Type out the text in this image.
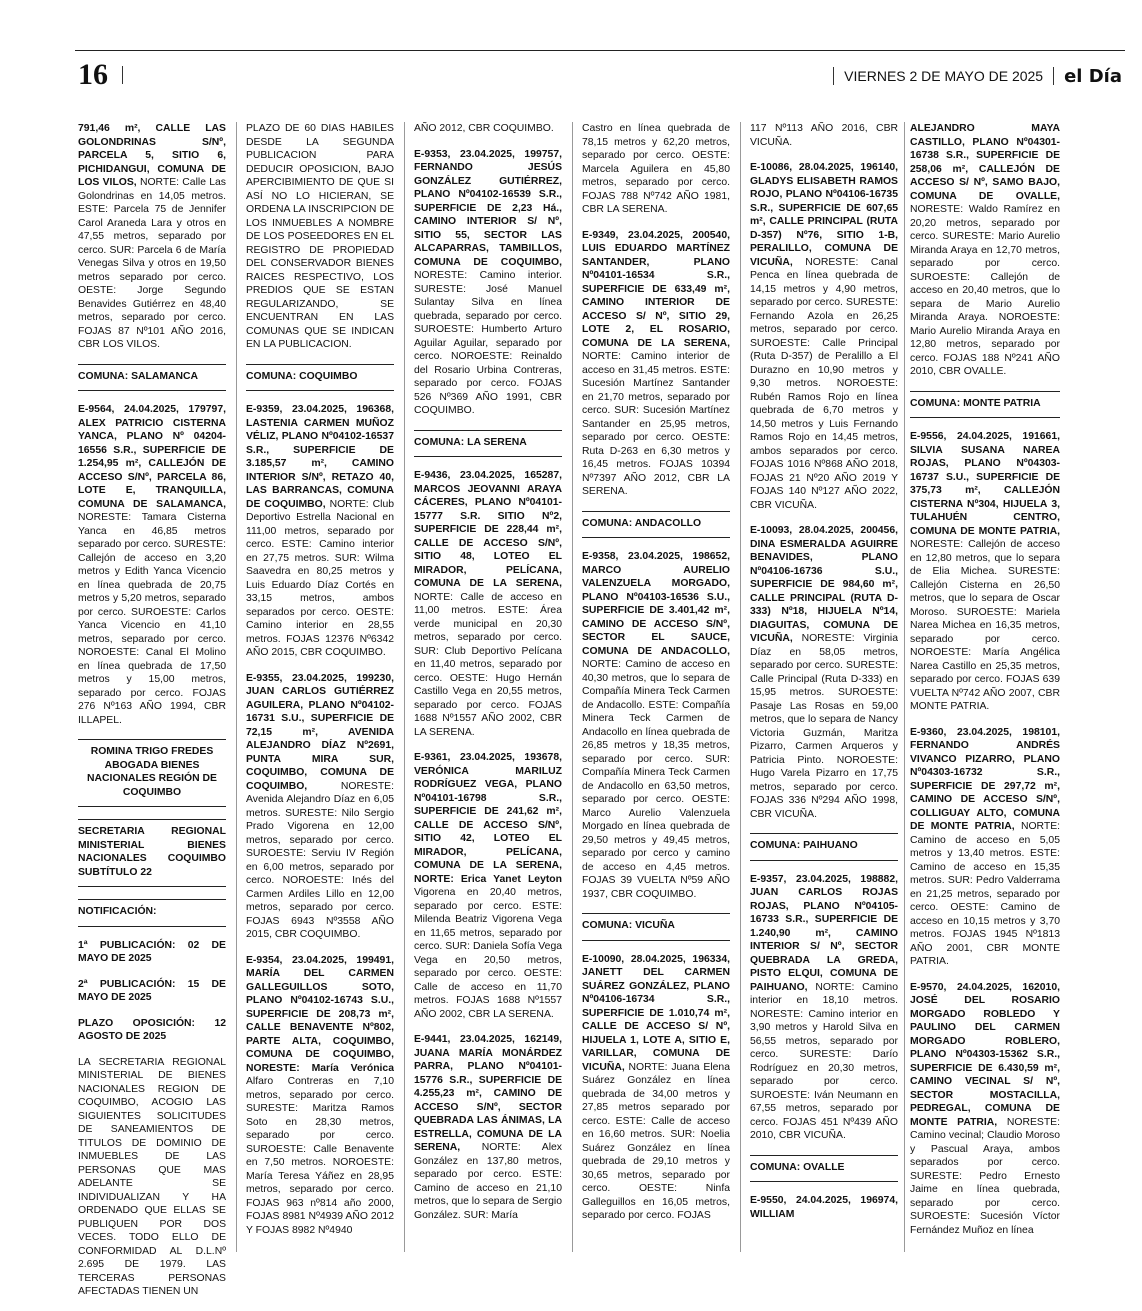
16	VIERNES 2 DE MAYO DE 2025 el Día

791,46 m², CALLE LAS GOLONDRINAS S/Nº, PARCELA 5, SITIO 6, PICHIDANGUI, COMUNA DE LOS VILOS, NORTE: Calle Las Golondrinas en 14,05 metros. ESTE: Parcela 75 de Jennifer Carol Araneda Lara y otros en 47,55 metros, separado por cerco. SUR: Parcela 6 de María Venegas Silva y otros en 19,50 metros separado por cerco. OESTE: Jorge Segundo Benavides Gutiérrez en 48,40 metros, separado por cerco. FOJAS 87 Nº101 AÑO 2016, CBR LOS VILOS.

COMUNA: SALAMANCA

E-9564, 24.04.2025, 179797, ALEX PATRICIO CISTERNA YANCA, PLANO Nº 04204-16556 S.R., SUPERFICIE DE 1.254,95 m², CALLEJÓN DE ACCESO S/Nº, PARCELA 86, LOTE E, TRANQUILLA, COMUNA DE SALAMANCA, NORESTE: Tamara Cisterna Yanca en 46,85 metros separado por cerco. SURESTE: Callejón de acceso en 3,20 metros y Edith Yanca Vicencio en línea quebrada de 20,75 metros y 5,20 metros, separado por cerco. SUROESTE: Carlos Yanca Vicencio en 41,10 metros, separado por cerco. NOROESTE: Canal El Molino en línea quebrada de 17,50 metros y 15,00 metros, separado por cerco. FOJAS 276 Nº163 AÑO 1994, CBR ILLAPEL.

ROMINA TRIGO FREDES ABOGADA BIENES NACIONALES REGIÓN DE COQUIMBO
SECRETARIA REGIONAL MINISTERIAL BIENES NACIONALES COQUIMBO SUBTÍTULO 22
NOTIFICACIÓN:

1ª PUBLICACIÓN: 02 DE MAYO DE 2025

2ª PUBLICACIÓN: 15 DE MAYO DE 2025

PLAZO OPOSICIÓN: 12 AGOSTO DE 2025

LA SECRETARIA REGIONAL MINISTERIAL DE BIENES NACIONALES REGION DE COQUIMBO, ACOGIO LAS SIGUIENTES SOLICITUDES DE SANEAMIENTOS DE TITULOS DE DOMINIO DE INMUEBLES DE LAS PERSONAS QUE MAS ADELANTE SE INDIVIDUALIZAN Y HA ORDENADO QUE ELLAS SE PUBLIQUEN POR DOS VECES. TODO ELLO DE CONFORMIDAD AL D.L.Nº 2.695 DE 1979. LAS TERCERAS PERSONAS AFECTADAS TIENEN UN

PLAZO DE 60 DIAS HABILES DESDE LA SEGUNDA PUBLICACION PARA DEDUCIR OPOSICION, BAJO APERCIBIMIENTO DE QUE SI ASÍ NO LO HICIERAN, SE ORDENA LA INSCRIPCION DE LOS INMUEBLES A NOMBRE DE LOS POSEEDORES EN EL REGISTRO DE PROPIEDAD DEL CONSERVADOR BIENES RAICES RESPECTIVO, LOS PREDIOS QUE SE ESTAN REGULARIZANDO, SE ENCUENTRAN EN LAS COMUNAS QUE SE INDICAN EN LA PUBLICACION.

COMUNA: COQUIMBO

E-9359, 23.04.2025, 196368, LASTENIA CARMEN MUÑOZ VÉLIZ, PLANO Nº04102-16537 S.R., SUPERFICIE DE 3.185,57 m², CAMINO INTERIOR S/Nº, RETAZO 40, LAS BARRANCAS, COMUNA DE COQUIMBO, NORTE: Club Deportivo Estrella Nacional en 111,00 metros, separado por cerco. ESTE: Camino interior en 27,75 metros. SUR: Wilma Saavedra en 80,25 metros y Luis Eduardo Díaz Cortés en 33,15 metros, ambos separados por cerco. OESTE: Camino interior en 28,55 metros. FOJAS 12376 Nº6342 AÑO 2015, CBR COQUIMBO.

E-9355, 23.04.2025, 199230, JUAN CARLOS GUTIÉRREZ AGUILERA, PLANO Nº04102-16731 S.U., SUPERFICIE DE 72,15 m², AVENIDA ALEJANDRO DÍAZ Nº2691, PUNTA MIRA SUR, COQUIMBO, COMUNA DE COQUIMBO, NORESTE: Avenida Alejandro Díaz en 6,05 metros. SURESTE: Nilo Sergio Prado Vigorena en 12,00 metros, separado por cerco. SUROESTE: Serviu IV Región en 6,00 metros, separado por cerco. NOROESTE: Inés del Carmen Ardiles Lillo en 12,00 metros, separado por cerco. FOJAS 6943 Nº3558 AÑO 2015, CBR COQUIMBO.

E-9354, 23.04.2025, 199491, MARÍA DEL CARMEN GALLEGUILLOS SOTO, PLANO Nº04102-16743 S.U., SUPERFICIE DE 208,73 m², CALLE BENAVENTE Nº802, PARTE ALTA, COQUIMBO, COMUNA DE COQUIMBO, NORESTE: María Verónica Alfaro Contreras en 7,10 metros, separado por cerco. SURESTE: Maritza Ramos Soto en 28,30 metros, separado por cerco. SUROESTE: Calle Benavente en 7,50 metros. NOROESTE: María Teresa Yáñez en 28,95 metros, separado por cerco. FOJAS 963 nº814 año 2000, FOJAS 8981 Nº4939 AÑO 2012 Y FOJAS 8982 Nº4940

AÑO 2012, CBR COQUIMBO.

E-9353, 23.04.2025, 199757, FERNANDO JESÚS GONZÁLEZ GUTIÉRREZ, PLANO Nº04102-16539 S.R., SUPERFICIE DE 2,23 Há., CAMINO INTERIOR S/ Nº, SITIO 55, SECTOR LAS ALCAPARRAS, TAMBILLOS, COMUNA DE COQUIMBO, NORESTE: Camino interior. SURESTE: José Manuel Sulantay Silva en línea quebrada, separado por cerco. SUROESTE: Humberto Arturo Aguilar Aguilar, separado por cerco. NOROESTE: Reinaldo del Rosario Urbina Contreras, separado por cerco. FOJAS 526 Nº369 AÑO 1991, CBR COQUIMBO.

COMUNA: LA SERENA

E-9436, 23.04.2025, 165287, MARCOS JEOVANNI ARAYA CÁCERES, PLANO Nº04101-15777 S.R. SITIO Nº2, SUPERFICIE DE 228,44 m², CALLE DE ACCESO S/Nº, SITIO 48, LOTEO EL MIRADOR, PELÍCANA, COMUNA DE LA SERENA, NORTE: Calle de acceso en 11,00 metros. ESTE: Área verde municipal en 20,30 metros, separado por cerco. SUR: Club Deportivo Pelícana en 11,40 metros, separado por cerco. OESTE: Hugo Hernán Castillo Vega en 20,55 metros, separado por cerco. FOJAS 1688 Nº1557 AÑO 2002, CBR LA SERENA.

E-9361, 23.04.2025, 193678, VERÓNICA MARILUZ RODRÍGUEZ VEGA, PLANO Nº04101-16798 S.R., SUPERFICIE DE 241,62 m², CALLE DE ACCESO S/Nº, SITIO 42, LOTEO EL MIRADOR, PELÍCANA, COMUNA DE LA SERENA, NORTE: Erica Yanet Leyton Vigorena en 20,40 metros, separado por cerco. ESTE: Milenda Beatriz Vigorena Vega en 11,65 metros, separado por cerco. SUR: Daniela Sofía Vega Vega en 20,50 metros, separado por cerco. OESTE: Calle de acceso en 11,70 metros. FOJAS 1688 Nº1557 AÑO 2002, CBR LA SERENA.

E-9441, 23.04.2025, 162149, JUANA MARÍA MONÁRDEZ PARRA, PLANO Nº04101-15776 S.R., SUPERFICIE DE 4.255,23 m², CAMINO DE ACCESO S/Nº, SECTOR QUEBRADA LAS ÁNIMAS, LA ESTRELLA, COMUNA DE LA SERENA, NORTE: Alex González en 137,80 metros, separado por cerco. ESTE: Camino de acceso en 21,10 metros, que lo separa de Sergio González. SUR: María

Castro en línea quebrada de 78,15 metros y 62,20 metros, separado por cerco. OESTE: Marcela Aguilera en 45,80 metros, separado por cerco. FOJAS 788 Nº742 AÑO 1981, CBR LA SERENA.

E-9349, 23.04.2025, 200540, LUIS EDUARDO MARTÍNEZ SANTANDER, PLANO Nº04101-16534 S.R., SUPERFICIE DE 633,49 m², CAMINO INTERIOR DE ACCESO S/ Nº, SITIO 29, LOTE 2, EL ROSARIO, COMUNA DE LA SERENA, NORTE: Camino interior de acceso en 31,45 metros. ESTE: Sucesión Martínez Santander en 21,70 metros, separado por cerco. SUR: Sucesión Martínez Santander en 25,95 metros, separado por cerco. OESTE: Ruta D-263 en 6,30 metros y 16,45 metros. FOJAS 10394 Nº7397 AÑO 2012, CBR LA SERENA.

COMUNA: ANDACOLLO

E-9358, 23.04.2025, 198652, MARCO AURELIO VALENZUELA MORGADO, PLANO Nº04103-16536 S.U., SUPERFICIE DE 3.401,42 m², CAMINO DE ACCESO S/Nº, SECTOR EL SAUCE, COMUNA DE ANDACOLLO, NORTE: Camino de acceso en 40,30 metros, que lo separa de Compañía Minera Teck Carmen de Andacollo. ESTE: Compañía Minera Teck Carmen de Andacollo en línea quebrada de 26,85 metros y 18,35 metros, separado por cerco. SUR: Compañía Minera Teck Carmen de Andacollo en 63,50 metros, separado por cerco. OESTE: Marco Aurelio Valenzuela Morgado en línea quebrada de 29,50 metros y 49,45 metros, separado por cerco y camino de acceso en 4,45 metros. FOJAS 39 VUELTA Nº59 AÑO 1937, CBR COQUIMBO.

COMUNA: VICUÑA

E-10090, 28.04.2025, 196334, JANETT DEL CARMEN SUÁREZ GONZÁLEZ, PLANO Nº04106-16734 S.R., SUPERFICIE DE 1.010,74 m², CALLE DE ACCESO S/ Nº, HIJUELA 1, LOTE A, SITIO E, VARILLAR, COMUNA DE VICUÑA, NORTE: Juana Elena Suárez González en línea quebrada de 34,00 metros y 27,85 metros separado por cerco. ESTE: Calle de acceso en 16,60 metros. SUR: Noelia Suárez González en línea quebrada de 29,10 metros y 30,65 metros, separado por cerco. OESTE: Ninfa Galleguillos en 16,05 metros, separado por cerco. FOJAS

117 Nº113 AÑO 2016, CBR VICUÑA.

E-10086, 28.04.2025, 196140, GLADYS ELISABETH RAMOS ROJO, PLANO Nº04106-16735 S.R., SUPERFICIE DE 607,65 m², CALLE PRINCIPAL (RUTA D-357) Nº76, SITIO 1-B, PERALILLO, COMUNA DE VICUÑA, NORESTE: Canal Penca en línea quebrada de 14,15 metros y 4,90 metros, separado por cerco. SURESTE: Fernando Azola en 26,25 metros, separado por cerco. SUROESTE: Calle Principal (Ruta D-357) de Peralillo a El Durazno en 10,90 metros y 9,30 metros. NOROESTE: Rubén Ramos Rojo en línea quebrada de 6,70 metros y 14,50 metros y Luis Fernando Ramos Rojo en 14,45 metros, ambos separados por cerco. FOJAS 1016 Nº868 AÑO 2018, FOJAS 21 Nº20 AÑO 2019 Y FOJAS 140 Nº127 AÑO 2022, CBR VICUÑA.

E-10093, 28.04.2025, 200456, DINA ESMERALDA AGUIRRE BENAVIDES, PLANO Nº04106-16736 S.U., SUPERFICIE DE 984,60 m², CALLE PRINCIPAL (RUTA D-333) Nº18, HIJUELA Nº14, DIAGUITAS, COMUNA DE VICUÑA, NORESTE: Virginia Díaz en 58,05 metros, separado por cerco. SURESTE: Calle Principal (Ruta D-333) en 15,95 metros. SUROESTE: Pasaje Las Rosas en 59,00 metros, que lo separa de Nancy Victoria Guzmán, Maritza Pizarro, Carmen Arqueros y Patricia Pinto. NOROESTE: Hugo Varela Pizarro en 17,75 metros, separado por cerco. FOJAS 336 Nº294 AÑO 1998, CBR VICUÑA.

COMUNA: PAIHUANO

E-9357, 23.04.2025, 198882, JUAN CARLOS ROJAS ROJAS, PLANO Nº04105-16733 S.R., SUPERFICIE DE 1.240,90 m², CAMINO INTERIOR S/ Nº, SECTOR QUEBRADA LA GREDA, PISTO ELQUI, COMUNA DE PAIHUANO, NORTE: Camino interior en 18,10 metros. NORESTE: Camino interior en 3,90 metros y Harold Silva en 56,55 metros, separado por cerco. SURESTE: Darío Rodríguez en 20,30 metros, separado por cerco. SUROESTE: Iván Neumann en 67,55 metros, separado por cerco. FOJAS 451 Nº439 AÑO 2010, CBR VICUÑA.

COMUNA: OVALLE

E-9550, 24.04.2025, 196974, WILLIAM

ALEJANDRO MAYA CASTILLO, PLANO Nº04301-16738 S.R., SUPERFICIE DE 258,06 m², CALLEJÓN DE ACCESO S/ Nº, SAMO BAJO, COMUNA DE OVALLE, NORESTE: Waldo Ramírez en 20,20 metros, separado por cerco. SURESTE: Mario Aurelio Miranda Araya en 12,70 metros, separado por cerco. SUROESTE: Callejón de acceso en 20,40 metros, que lo separa de Mario Aurelio Miranda Araya. NOROESTE: Mario Aurelio Miranda Araya en 12,80 metros, separado por cerco. FOJAS 188 Nº241 AÑO 2010, CBR OVALLE.

COMUNA: MONTE PATRIA

E-9556, 24.04.2025, 191661, SILVIA SUSANA NAREA ROJAS, PLANO Nº04303-16737 S.U., SUPERFICIE DE 375,73 m², CALLEJÓN CISTERNA Nº304, HIJUELA 3, TULAHUÉN CENTRO, COMUNA DE MONTE PATRIA, NORESTE: Callejón de acceso en 12,80 metros, que lo separa de Elia Michea. SURESTE: Callejón Cisterna en 26,50 metros, que lo separa de Oscar Moroso. SUROESTE: Mariela Narea Michea en 16,35 metros, separado por cerco. NOROESTE: María Angélica Narea Castillo en 25,35 metros, separado por cerco. FOJAS 639 VUELTA Nº742 AÑO 2007, CBR MONTE PATRIA.

E-9360, 23.04.2025, 198101, FERNANDO ANDRÉS VIVANCO PIZARRO, PLANO Nº04303-16732 S.R., SUPERFICIE DE 297,72 m², CAMINO DE ACCESO S/Nº, COLLIGUAY ALTO, COMUNA DE MONTE PATRIA, NORTE: Camino de acceso en 5,05 metros y 13,40 metros. ESTE: Camino de acceso en 15,35 metros. SUR: Pedro Valderrama en 21,25 metros, separado por cerco. OESTE: Camino de acceso en 10,15 metros y 3,70 metros. FOJAS 1945 Nº1813 AÑO 2001, CBR MONTE PATRIA.

E-9570, 24.04.2025, 162010, JOSÉ DEL ROSARIO MORGADO ROBLEDO Y PAULINO DEL CARMEN MORGADO ROBLERO, PLANO Nº04303-15362 S.R., SUPERFICIE DE 6.430,59 m², CAMINO VECINAL S/ Nº, SECTOR MOSTACILLA, PEDREGAL, COMUNA DE MONTE PATRIA, NORESTE: Camino vecinal; Claudio Moroso y Pascual Araya, ambos separados por cerco. SURESTE: Pedro Ernesto Jaime en línea quebrada, separado por cerco. SUROESTE: Sucesión Víctor Fernández Muñoz en línea
